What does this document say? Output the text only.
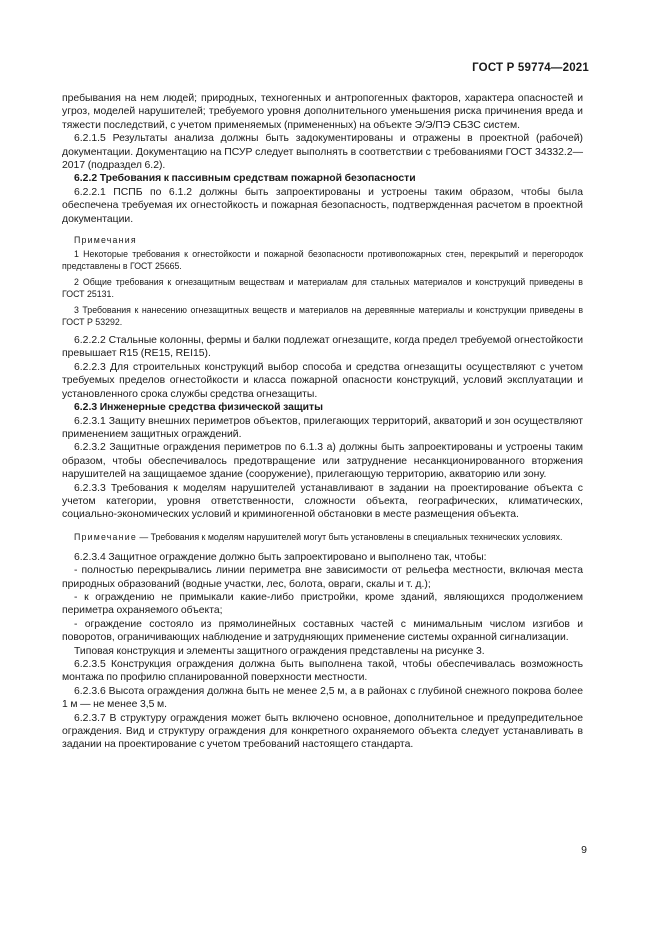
ГОСТ Р 59774—2021

пребывания на нем людей; природных, техногенных и антропогенных факторов, характера опасностей и угроз, моделей нарушителей; требуемого уровня дополнительного уменьшения риска причинения вреда и тяжести последствий, с учетом применяемых (примененных) на объекте Э/Э/ПЭ СБЗС систем.

6.2.1.5 Результаты анализа должны быть задокументированы и отражены в проектной (рабочей) документации. Документацию на ПСУР следует выполнять в соответствии с требованиями ГОСТ 34332.2—2017 (подраздел 6.2).

6.2.2 Требования к пассивным средствам пожарной безопасности

6.2.2.1 ПСПБ по 6.1.2 должны быть запроектированы и устроены таким образом, чтобы была обеспечена требуемая их огнестойкость и пожарная безопасность, подтвержденная расчетом в проектной документации.

Примечания

1 Некоторые требования к огнестойкости и пожарной безопасности противопожарных стен, перекрытий и перегородок представлены в ГОСТ 25665.

2 Общие требования к огнезащитным веществам и материалам для стальных материалов и конструкций приведены в ГОСТ 25131.

3 Требования к нанесению огнезащитных веществ и материалов на деревянные материалы и конструкции приведены в ГОСТ Р 53292.

6.2.2.2 Стальные колонны, фермы и балки подлежат огнезащите, когда предел требуемой огнестойкости превышает R15 (RE15, REI15).

6.2.2.3 Для строительных конструкций выбор способа и средства огнезащиты осуществляют с учетом требуемых пределов огнестойкости и класса пожарной опасности конструкций, условий эксплуатации и установленного срока службы средства огнезащиты.

6.2.3 Инженерные средства физической защиты

6.2.3.1 Защиту внешних периметров объектов, прилегающих территорий, акваторий и зон осуществляют применением защитных ограждений.

6.2.3.2 Защитные ограждения периметров по 6.1.3 а) должны быть запроектированы и устроены таким образом, чтобы обеспечивалось предотвращение или затруднение несанкционированного вторжения нарушителей на защищаемое здание (сооружение), прилегающую территорию, акваторию или зону.

6.2.3.3 Требования к моделям нарушителей устанавливают в задании на проектирование объекта с учетом категории, уровня ответственности, сложности объекта, географических, климатических, социально-экономических условий и криминогенной обстановки в месте размещения объекта.

Примечание — Требования к моделям нарушителей могут быть установлены в специальных технических условиях.

6.2.3.4 Защитное ограждение должно быть запроектировано и выполнено так, чтобы:

- полностью перекрывались линии периметра вне зависимости от рельефа местности, включая места природных образований (водные участки, лес, болота, овраги, скалы и т. д.);

- к ограждению не примыкали какие-либо пристройки, кроме зданий, являющихся продолжением периметра охраняемого объекта;

- ограждение состояло из прямолинейных составных частей с минимальным числом изгибов и поворотов, ограничивающих наблюдение и затрудняющих применение системы охранной сигнализации.

Типовая конструкция и элементы защитного ограждения представлены на рисунке 3.

6.2.3.5 Конструкция ограждения должна быть выполнена такой, чтобы обеспечивалась возможность монтажа по профилю спланированной поверхности местности.

6.2.3.6 Высота ограждения должна быть не менее 2,5 м, а в районах с глубиной снежного покрова более 1 м — не менее 3,5 м.

6.2.3.7 В структуру ограждения может быть включено основное, дополнительное и предупредительное ограждения. Вид и структуру ограждения для конкретного охраняемого объекта следует устанавливать в задании на проектирование с учетом требований настоящего стандарта.

9
